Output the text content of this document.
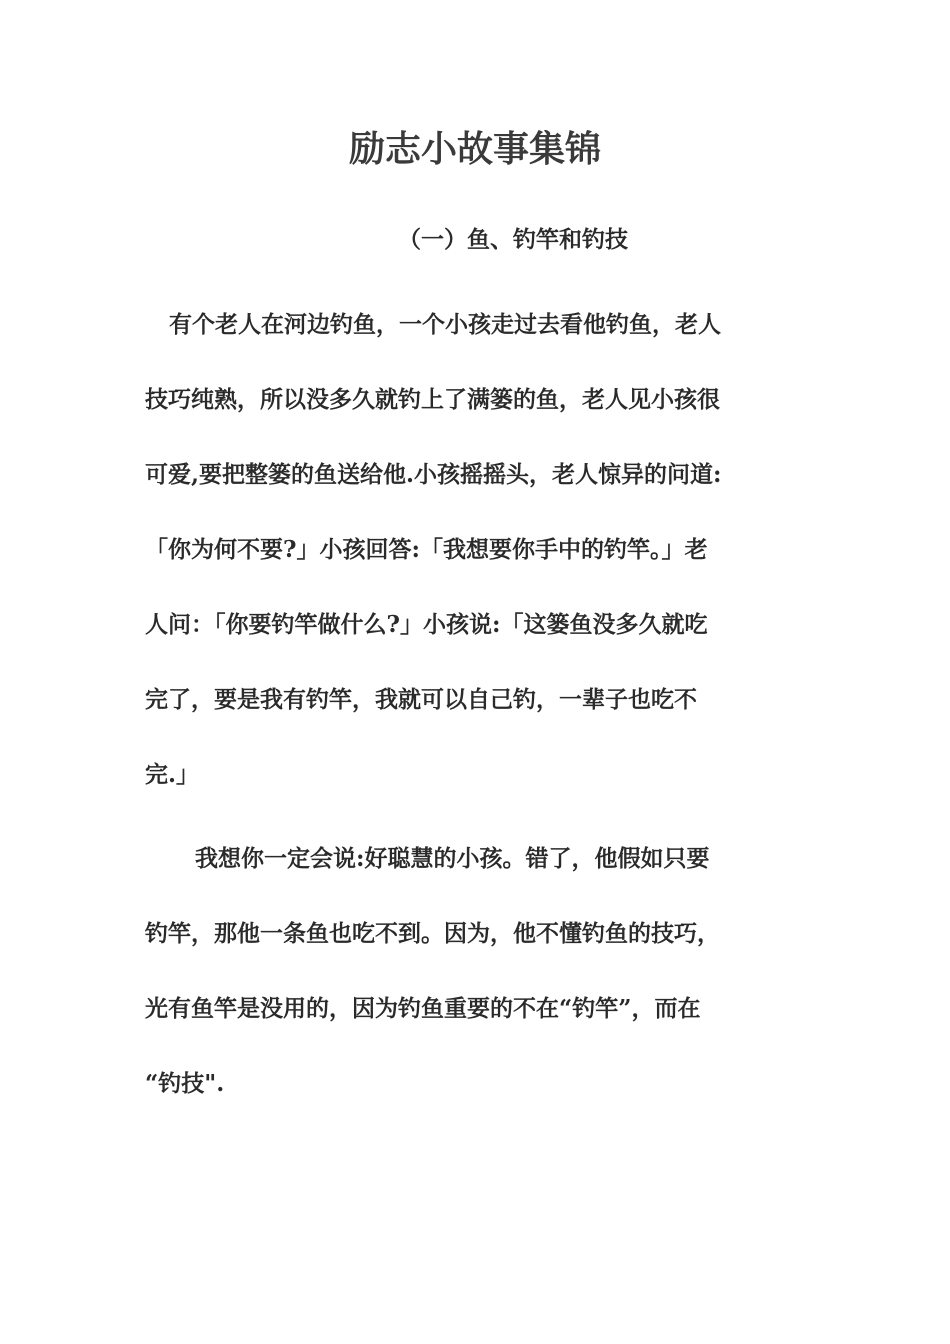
励志小故事集锦
（一）鱼、钓竿和钓技

有个老人在河边钓鱼，一个小孩走过去看他钓鱼，老人

技巧纯熟，所以没多久就钓上了满篓的鱼，老人见小孩很

可爱,要把整篓的鱼送给他.小孩摇摇头，老人惊异的问道:

「你为何不要?」小孩回答:「我想要你手中的钓竿。」老

人问：「你要钓竿做什么?」小孩说:「这篓鱼没多久就吃

完了，要是我有钓竿，我就可以自己钓，一辈子也吃不

完.」

我想你一定会说:好聪慧的小孩。错了，他假如只要

钓竿，那他一条鱼也吃不到。因为，他不懂钓鱼的技巧，

光有鱼竿是没用的，因为钓鱼重要的不在“钓竿”，而在

“钓技".
